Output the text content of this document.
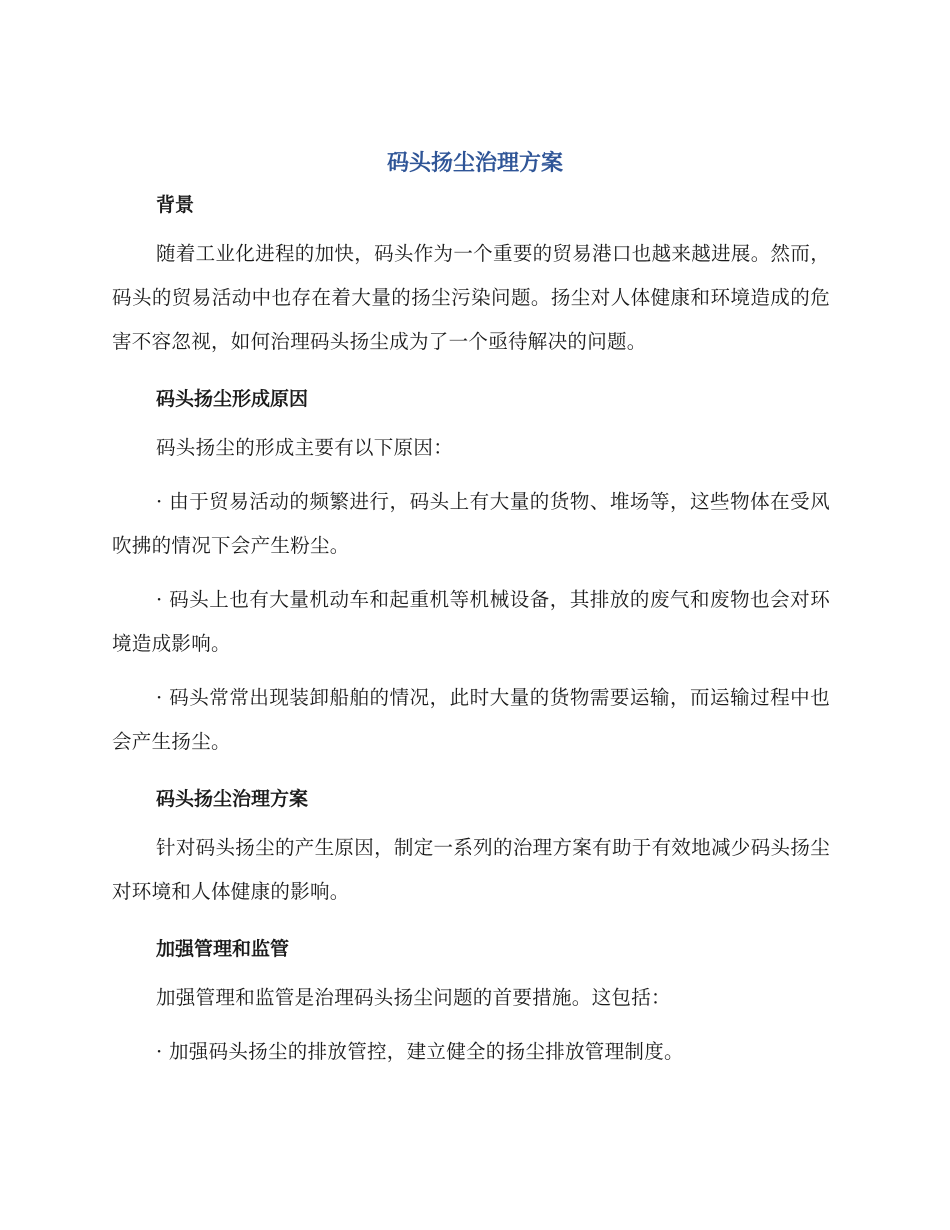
码头扬尘治理方案

背景

随着工业化进程的加快，码头作为一个重要的贸易港口也越来越进展。然而，码头的贸易活动中也存在着大量的扬尘污染问题。扬尘对人体健康和环境造成的危害不容忽视，如何治理码头扬尘成为了一个亟待解决的问题。

码头扬尘形成原因

码头扬尘的形成主要有以下原因：

· 由于贸易活动的频繁进行，码头上有大量的货物、堆场等，这些物体在受风吹拂的情况下会产生粉尘。

· 码头上也有大量机动车和起重机等机械设备，其排放的废气和废物也会对环境造成影响。

· 码头常常出现装卸船舶的情况，此时大量的货物需要运输，而运输过程中也会产生扬尘。

码头扬尘治理方案

针对码头扬尘的产生原因，制定一系列的治理方案有助于有效地减少码头扬尘对环境和人体健康的影响。

加强管理和监管

加强管理和监管是治理码头扬尘问题的首要措施。这包括：

· 加强码头扬尘的排放管控，建立健全的扬尘排放管理制度。
